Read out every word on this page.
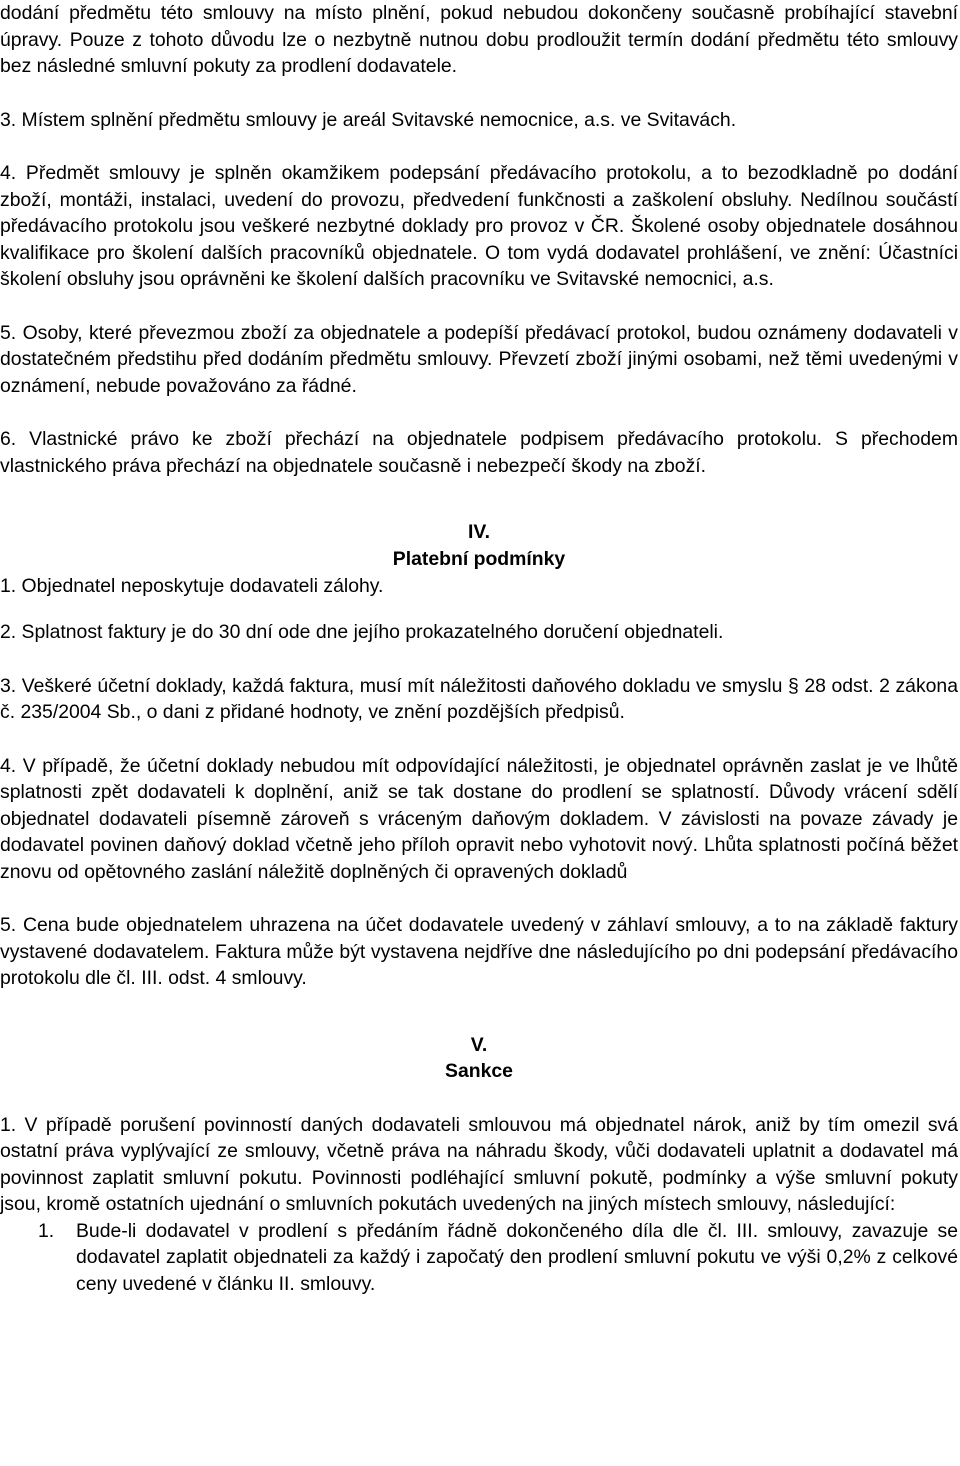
dodání předmětu této smlouvy na místo plnění, pokud nebudou dokončeny současně probíhající stavební úpravy. Pouze z tohoto důvodu lze o nezbytně nutnou dobu prodloužit termín dodání předmětu této smlouvy bez následné smluvní pokuty za prodlení dodavatele.

3. Místem splnění předmětu smlouvy je areál Svitavské nemocnice, a.s. ve Svitavách.

4. Předmět smlouvy je splněn okamžikem podepsání předávacího protokolu, a to bezodkladně po dodání zboží, montáži, instalaci, uvedení do provozu, předvedení funkčnosti a zaškolení obsluhy. Nedílnou součástí předávacího protokolu jsou veškeré nezbytné doklady pro provoz v ČR. Školené osoby objednatele dosáhnou kvalifikace pro školení dalších pracovníků objednatele. O tom vydá dodavatel prohlášení, ve znění: Účastníci školení obsluhy jsou oprávněni ke školení dalších pracovníku ve Svitavské nemocnici, a.s.

5. Osoby, které převezmou zboží za objednatele a podepíší předávací protokol, budou oznámeny dodavateli v dostatečném předstihu před dodáním předmětu smlouvy. Převzetí zboží jinými osobami, než těmi uvedenými v oznámení, nebude považováno za řádné.

6. Vlastnické právo ke zboží přechází na objednatele podpisem předávacího protokolu. S přechodem vlastnického práva přechází na objednatele současně i nebezpečí škody na zboží.

IV.
Platební podmínky
1. Objednatel neposkytuje dodavateli zálohy.

2. Splatnost faktury je do 30 dní ode dne jejího prokazatelného doručení objednateli.

3. Veškeré účetní doklady, každá faktura, musí mít náležitosti daňového dokladu ve smyslu § 28 odst. 2 zákona č. 235/2004 Sb., o dani z přidané hodnoty, ve znění pozdějších předpisů.

4. V případě, že účetní doklady nebudou mít odpovídající náležitosti, je objednatel oprávněn zaslat je ve lhůtě splatnosti zpět dodavateli k doplnění, aniž se tak dostane do prodlení se splatností. Důvody vrácení sdělí objednatel dodavateli písemně zároveň s vráceným daňovým dokladem. V závislosti na povaze závady je dodavatel povinen daňový doklad včetně jeho příloh opravit nebo vyhotovit nový. Lhůta splatnosti počíná běžet znovu od opětovného zaslání náležitě doplněných či opravených dokladů

5. Cena bude objednatelem uhrazena na účet dodavatele uvedený v záhlaví smlouvy, a to na základě faktury vystavené dodavatelem. Faktura může být vystavena nejdříve dne následujícího po dni podepsání předávacího protokolu dle čl. III. odst. 4 smlouvy.

V.

Sankce

1. V případě porušení povinností daných dodavateli smlouvou má objednatel nárok, aniž by tím omezil svá ostatní práva vyplývající ze smlouvy, včetně práva na náhradu škody, vůči dodavateli uplatnit a dodavatel má povinnost zaplatit smluvní pokutu. Povinnosti podléhající smluvní pokutě, podmínky a výše smluvní pokuty jsou, kromě ostatních ujednání o smluvních pokutách uvedených na jiných místech smlouvy, následující:

1. Bude-li dodavatel v prodlení s předáním řádně dokončeného díla dle čl. III. smlouvy, zavazuje se dodavatel zaplatit objednateli za každý i započatý den prodlení smluvní pokutu ve výši 0,2% z celkové ceny uvedené v článku II. smlouvy.
